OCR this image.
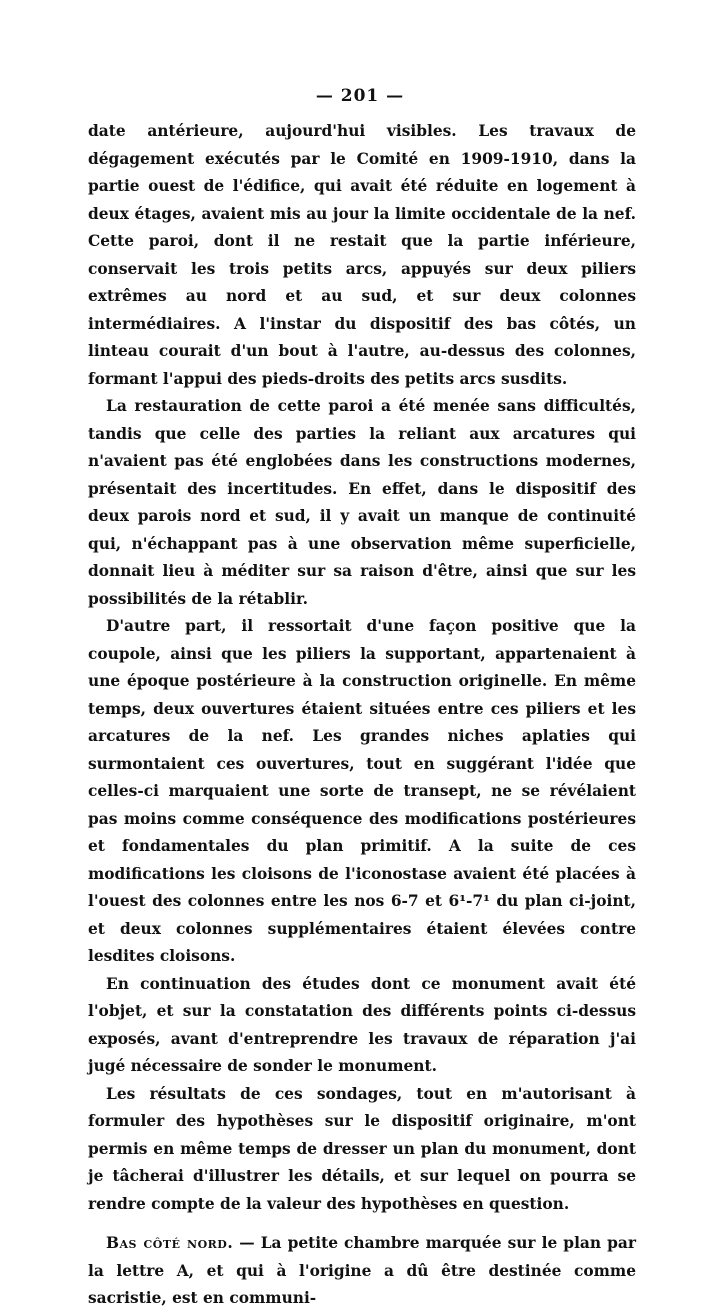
— 201 —

date antérieure, aujourd'hui visibles. Les travaux de dégagement exécutés par le Comité en 1909-1910, dans la partie ouest de l'édifice, qui avait été réduite en logement à deux étages, avaient mis au jour la limite occidentale de la nef. Cette paroi, dont il ne restait que la partie inférieure, conservait les trois petits arcs, appuyés sur deux piliers extrêmes au nord et au sud, et sur deux colonnes intermédiaires. A l'instar du dispositif des bas côtés, un linteau courait d'un bout à l'autre, au-dessus des colonnes, formant l'appui des pieds-droits des petits arcs susdits.

La restauration de cette paroi a été menée sans difficultés, tandis que celle des parties la reliant aux arcatures qui n'avaient pas été englobées dans les constructions modernes, présentait des incertitudes. En effet, dans le dispositif des deux parois nord et sud, il y avait un manque de continuité qui, n'échappant pas à une observation même superficielle, donnait lieu à méditer sur sa raison d'être, ainsi que sur les possibilités de la rétablir.

D'autre part, il ressortait d'une façon positive que la coupole, ainsi que les piliers la supportant, appartenaient à une époque postérieure à la construction originelle. En même temps, deux ouvertures étaient situées entre ces piliers et les arcatures de la nef. Les grandes niches aplaties qui surmontaient ces ouvertures, tout en suggérant l'idée que celles-ci marquaient une sorte de transept, ne se révélaient pas moins comme conséquence des modifications postérieures et fondamentales du plan primitif. A la suite de ces modifications les cloisons de l'iconostase avaient été placées à l'ouest des colonnes entre les nos 6-7 et 6¹-7¹ du plan ci-joint, et deux colonnes supplémentaires étaient élevées contre lesdites cloisons.

En continuation des études dont ce monument avait été l'objet, et sur la constatation des différents points ci-dessus exposés, avant d'entreprendre les travaux de réparation j'ai jugé nécessaire de sonder le monument.

Les résultats de ces sondages, tout en m'autorisant à formuler des hypothèses sur le dispositif originaire, m'ont permis en même temps de dresser un plan du monument, dont je tâcherai d'illustrer les détails, et sur lequel on pourra se rendre compte de la valeur des hypothèses en question.

Bas côté nord. — La petite chambre marquée sur le plan par la lettre A, et qui à l'origine a dû être destinée comme sacristie, est en communi-
